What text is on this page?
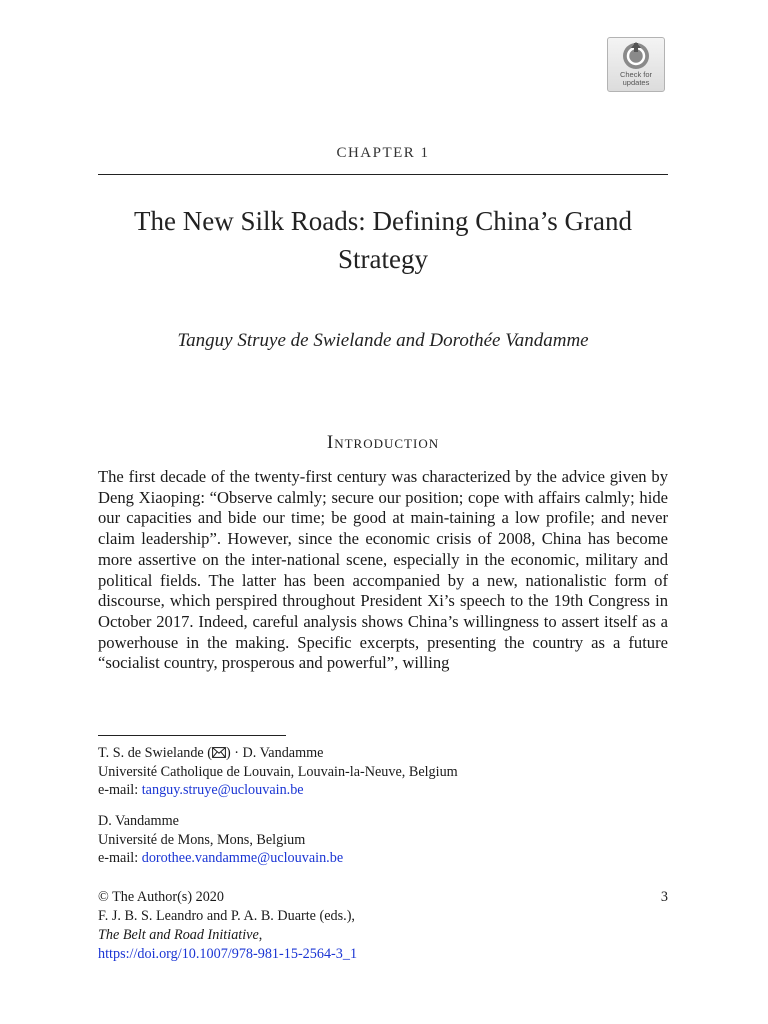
Check for
updates
CHAPTER 1
The New Silk Roads: Defining China’s Grand Strategy
Tanguy Struye de Swielande and Dorothée Vandamme
Introduction

The first decade of the twenty-first century was characterized by the advice given by Deng Xiaoping: “Observe calmly; secure our position; cope with affairs calmly; hide our capacities and bide our time; be good at main-taining a low profile; and never claim leadership”. However, since the economic crisis of 2008, China has become more assertive on the inter-national scene, especially in the economic, military and political fields. The latter has been accompanied by a new, nationalistic form of discourse, which perspired throughout President Xi’s speech to the 19th Congress in October 2017. Indeed, careful analysis shows China’s willingness to assert itself as a powerhouse in the making. Specific excerpts, presenting the country as a future “socialist country, prosperous and powerful”, willing

T. S. de Swielande ( ) · D. Vandamme
Université Catholique de Louvain, Louvain-la-Neuve, Belgium
e-mail: tanguy.struye@uclouvain.be
D. Vandamme
Université de Mons, Mons, Belgium
e-mail: dorothee.vandamme@uclouvain.be
© The Author(s) 2020
F. J. B. S. Leandro and P. A. B. Duarte (eds.),
The Belt and Road Initiative,
https://doi.org/10.1007/978-981-15-2564-3_1
3
